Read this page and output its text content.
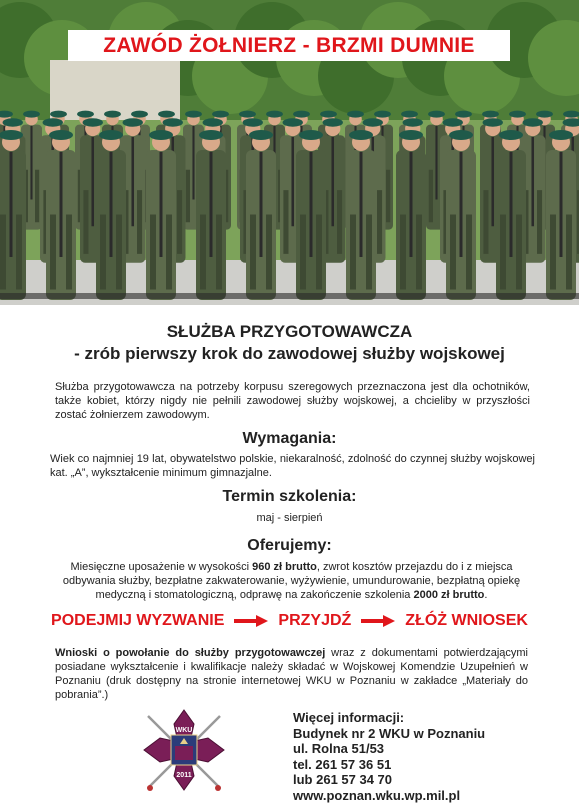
ZAWÓD ŻOŁNIERZ - BRZMI DUMNIE
SŁUŻBA PRZYGOTOWAWCZA
- zrób pierwszy krok do zawodowej służby wojskowej
Służba przygotowawcza na potrzeby korpusu szeregowych przeznaczona jest dla ochotników, także kobiet, którzy nigdy nie pełnili zawodowej służby wojskowej, a chcieliby w przyszłości zostać żołnierzem zawodowym.
Wymagania:
Wiek co najmniej 19 lat, obywatelstwo polskie, niekaralność, zdolność do czynnej służby wojskowej kat. „A”, wykształcenie minimum gimnazjalne.
Termin szkolenia:
maj - sierpień
Oferujemy:
Miesięczne uposażenie w wysokości 960 zł brutto, zwrot kosztów przejazdu do i z miejsca odbywania służby, bezpłatne zakwaterowanie, wyżywienie, umundurowanie, bezpłatną opiekę medyczną i stomatologiczną, odprawę na zakończenie szkolenia 2000 zł brutto.
PODEJMIJ WYZWANIE	PRZYJDŹ	ZŁÓŻ WNIOSEK
Wnioski o powołanie do służby przygotowawczej wraz z dokumentami potwierdzającymi posiadane wykształcenie i kwalifikacje należy składać w Wojskowej Komendzie Uzupełnień w Poznaniu (druk dostępny na stronie internetowej WKU w Poznaniu w zakładce „Materiały do pobrania”.)
WKU
2011
Więcej informacji:
Budynek nr 2 WKU w Poznaniu
ul. Rolna 51/53
tel. 261 57 36 51
lub 261 57 34 70
www.poznan.wku.wp.mil.pl
